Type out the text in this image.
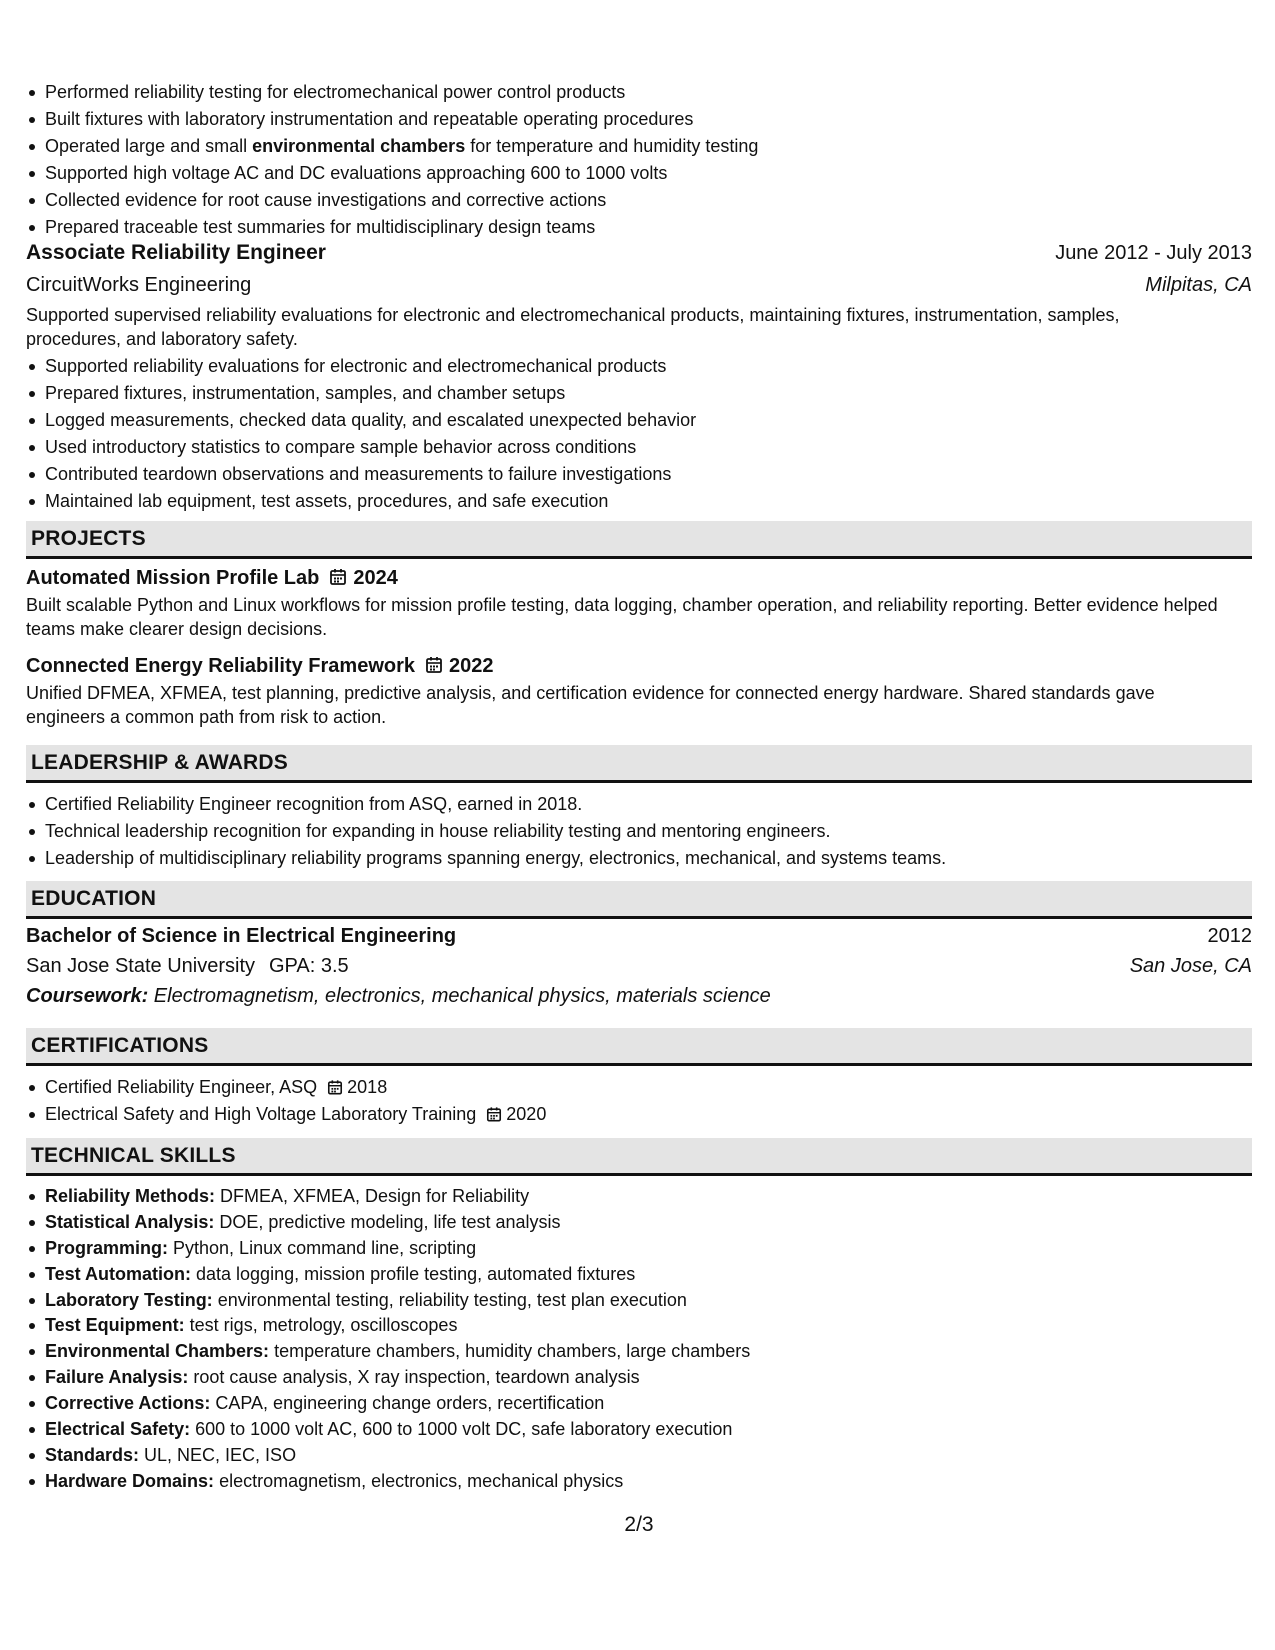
Performed reliability testing for electromechanical power control products
Built fixtures with laboratory instrumentation and repeatable operating procedures
Operated large and small environmental chambers for temperature and humidity testing
Supported high voltage AC and DC evaluations approaching 600 to 1000 volts
Collected evidence for root cause investigations and corrective actions
Prepared traceable test summaries for multidisciplinary design teams
Associate Reliability Engineer	June 2012 - July 2013
CircuitWorks Engineering	Milpitas, CA
Supported supervised reliability evaluations for electronic and electromechanical products, maintaining fixtures, instrumentation, samples, procedures, and laboratory safety.
Supported reliability evaluations for electronic and electromechanical products
Prepared fixtures, instrumentation, samples, and chamber setups
Logged measurements, checked data quality, and escalated unexpected behavior
Used introductory statistics to compare sample behavior across conditions
Contributed teardown observations and measurements to failure investigations
Maintained lab equipment, test assets, procedures, and safe execution
PROJECTS
Automated Mission Profile Lab 2024
Built scalable Python and Linux workflows for mission profile testing, data logging, chamber operation, and reliability reporting. Better evidence helped teams make clearer design decisions.
Connected Energy Reliability Framework 2022
Unified DFMEA, XFMEA, test planning, predictive analysis, and certification evidence for connected energy hardware. Shared standards gave engineers a common path from risk to action.
LEADERSHIP & AWARDS
Certified Reliability Engineer recognition from ASQ, earned in 2018.
Technical leadership recognition for expanding in house reliability testing and mentoring engineers.
Leadership of multidisciplinary reliability programs spanning energy, electronics, mechanical, and systems teams.
EDUCATION
Bachelor of Science in Electrical Engineering	2012
San Jose State University GPA: 3.5	San Jose, CA
Coursework: Electromagnetism, electronics, mechanical physics, materials science
CERTIFICATIONS
Certified Reliability Engineer, ASQ 2018
Electrical Safety and High Voltage Laboratory Training 2020
TECHNICAL SKILLS
Reliability Methods: DFMEA, XFMEA, Design for Reliability
Statistical Analysis: DOE, predictive modeling, life test analysis
Programming: Python, Linux command line, scripting
Test Automation: data logging, mission profile testing, automated fixtures
Laboratory Testing: environmental testing, reliability testing, test plan execution
Test Equipment: test rigs, metrology, oscilloscopes
Environmental Chambers: temperature chambers, humidity chambers, large chambers
Failure Analysis: root cause analysis, X ray inspection, teardown analysis
Corrective Actions: CAPA, engineering change orders, recertification
Electrical Safety: 600 to 1000 volt AC, 600 to 1000 volt DC, safe laboratory execution
Standards: UL, NEC, IEC, ISO
Hardware Domains: electromagnetism, electronics, mechanical physics
2/3
